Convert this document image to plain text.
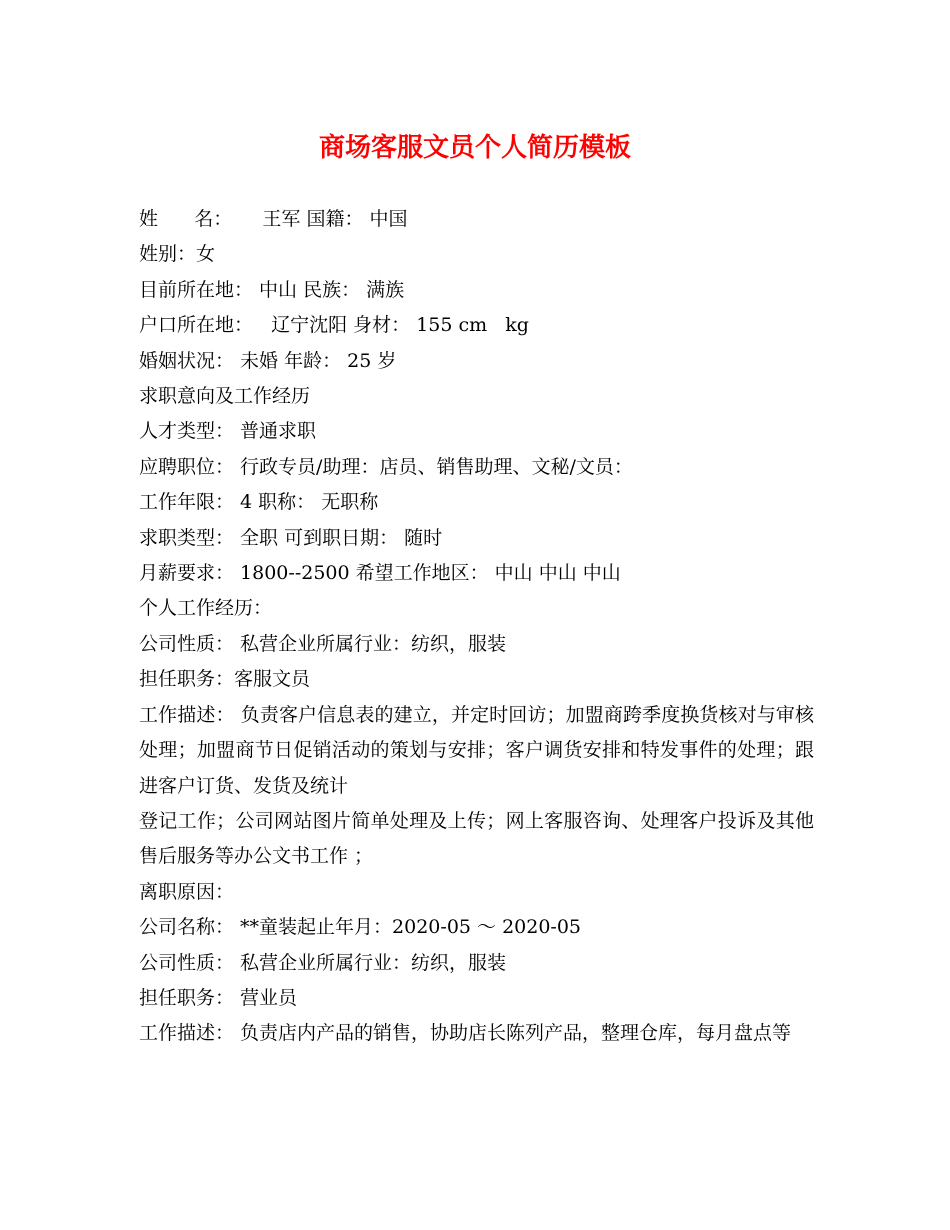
商场客服文员个人简历模板

姓      名：     王军 国籍： 中国

姓别：女

目前所在地： 中山 民族： 满族

户口所在地：   辽宁沈阳 身材： 155 cm   kg

婚姻状况： 未婚 年龄： 25 岁

求职意向及工作经历

人才类型： 普通求职

应聘职位： 行政专员/助理：店员、销售助理、文秘/文员：

工作年限： 4 职称： 无职称

求职类型： 全职 可到职日期： 随时

月薪要求： 1800--2500 希望工作地区： 中山 中山 中山

个人工作经历：

公司性质： 私营企业所属行业：纺织，服装

担任职务：客服文员

工作描述： 负责客户信息表的建立，并定时回访；加盟商跨季度换货核对与审核处理；加盟商节日促销活动的策划与安排；客户调货安排和特发事件的处理；跟进客户订货、发货及统计

登记工作；公司网站图片简单处理及上传；网上客服咨询、处理客户投诉及其他售后服务等办公文书工作 ；

离职原因：

公司名称： **童装起止年月：2020-05 ～ 2020-05

公司性质： 私营企业所属行业：纺织，服装

担任职务： 营业员

工作描述： 负责店内产品的销售，协助店长陈列产品，整理仓库，每月盘点等
